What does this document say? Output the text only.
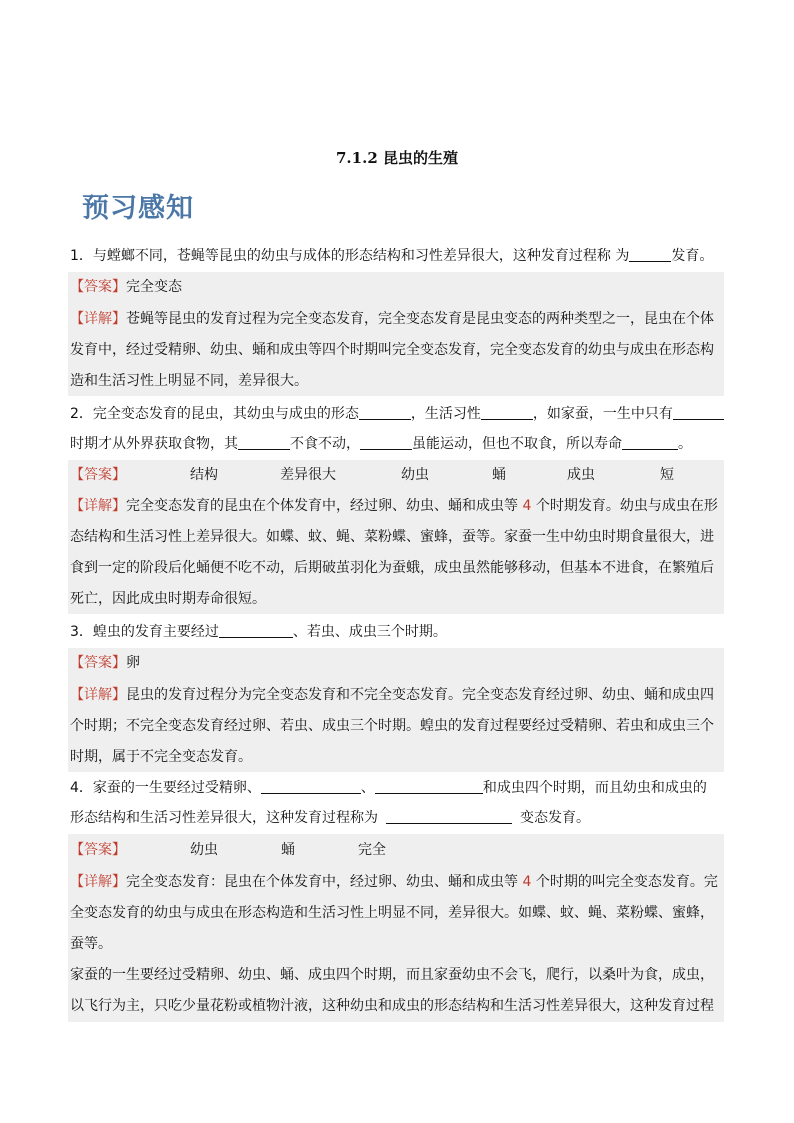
7.1.2 昆虫的生殖
预习感知
1．与螳螂不同，苍蝇等昆虫的幼虫与成体的形态结构和习性差异很大，这种发育过程称 为	发育。
【答案】完全变态
【详解】苍蝇等昆虫的发育过程为完全变态发育，完全变态发育是昆虫变态的两种类型之一，昆虫在个体
发育中，经过受精卵、幼虫、蛹和成虫等四个时期叫完全变态发育，完全变态发育的幼虫与成虫在形态构
造和生活习性上明显不同，差异很大。
2．完全变态发育的昆虫，其幼虫与成虫的形态	，生活习性	，如家蚕，一生中只有
时期才从外界获取食物，其	不食不动，	虽能运动，但也不取食，所以寿命	。
【答案】	结构	差异很大	幼虫	蛹	成虫	短
【详解】完全变态发育的昆虫在个体发育中，经过卵、幼虫、蛹和成虫等 4 个时期发育。幼虫与成虫在形
态结构和生活习性上差异很大。如蝶、蚊、蝇、菜粉蝶、蜜蜂，蚕等。家蚕一生中幼虫时期食量很大，进
食到一定的阶段后化蛹便不吃不动，后期破茧羽化为蚕蛾，成虫虽然能够移动，但基本不进食，在繁殖后
死亡，因此成虫时期寿命很短。
3．蝗虫的发育主要经过	、若虫、成虫三个时期。
【答案】卵
【详解】昆虫的发育过程分为完全变态发育和不完全变态发育。完全变态发育经过卵、幼虫、蛹和成虫四
个时期；不完全变态发育经过卵、若虫、成虫三个时期。蝗虫的发育过程要经过受精卵、若虫和成虫三个
时期，属于不完全变态发育。
4．家蚕的一生要经过受精卵、	、	和成虫四个时期，而且幼虫和成虫的
形态结构和生活习性差异很大，这种发育过程称为	变态发育。
【答案】	幼虫	蛹	完全
【详解】完全变态发育：昆虫在个体发育中，经过卵、幼虫、蛹和成虫等 4 个时期的叫完全变态发育。完
全变态发育的幼虫与成虫在形态构造和生活习性上明显不同，差异很大。如蝶、蚊、蝇、菜粉蝶、蜜蜂，
蚕等。
家蚕的一生要经过受精卵、幼虫、蛹、成虫四个时期，而且家蚕幼虫不会飞，爬行，以桑叶为食，成虫，
以飞行为主，只吃少量花粉或植物汁液，这种幼虫和成虫的形态结构和生活习性差异很大，这种发育过程
